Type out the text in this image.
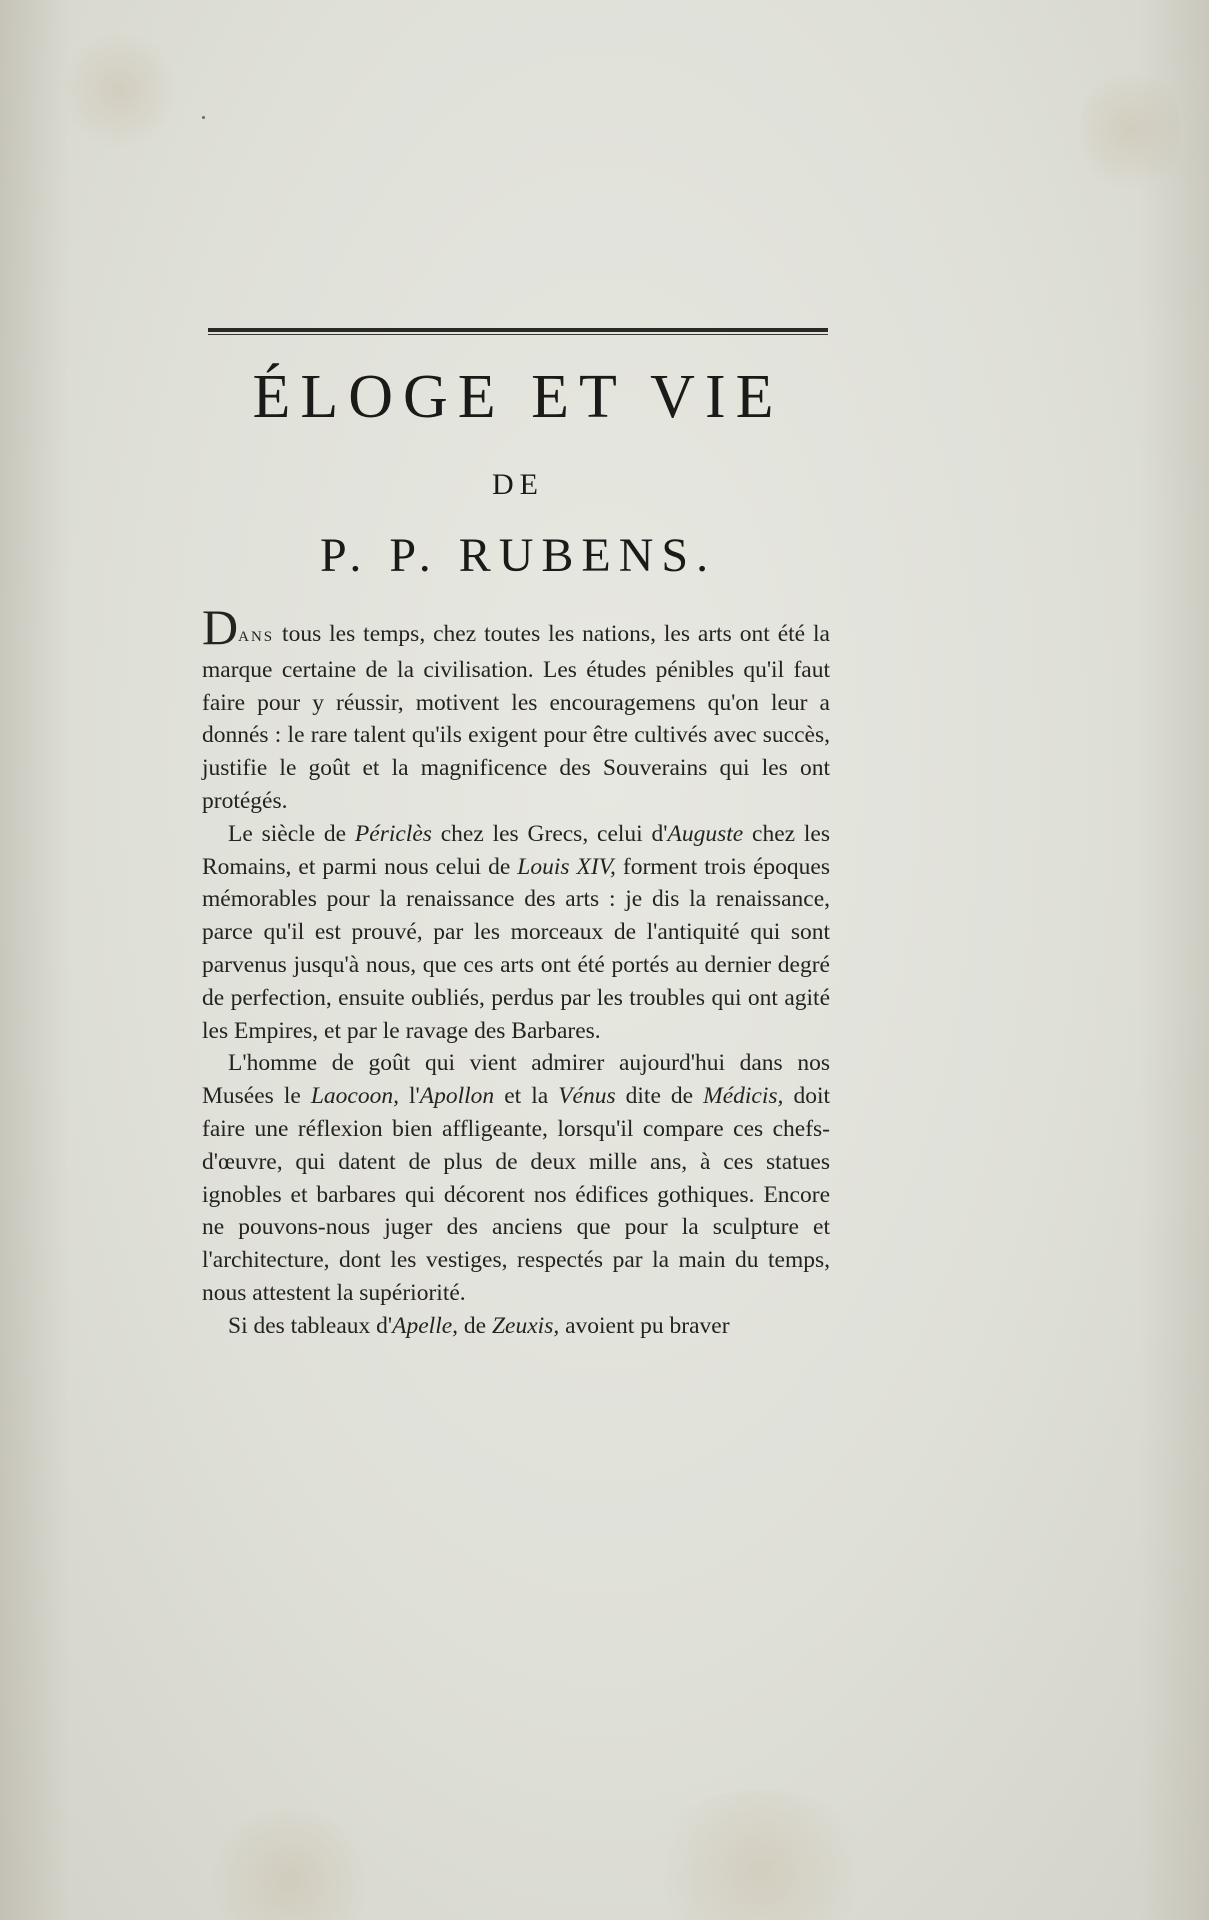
ÉLOGE ET VIE
DE
P. P. RUBENS.

DANS tous les temps, chez toutes les nations, les arts ont été la marque certaine de la civilisation. Les études pénibles qu'il faut faire pour y réussir, motivent les encouragemens qu'on leur a donnés : le rare talent qu'ils exigent pour être cultivés avec succès, justifie le goût et la magnificence des Souverains qui les ont protégés.

Le siècle de Périclès chez les Grecs, celui d'Auguste chez les Romains, et parmi nous celui de Louis XIV, forment trois époques mémorables pour la renaissance des arts : je dis la renaissance, parce qu'il est prouvé, par les morceaux de l'antiquité qui sont parvenus jusqu'à nous, que ces arts ont été portés au dernier degré de perfection, ensuite oubliés, perdus par les troubles qui ont agité les Empires, et par le ravage des Barbares.

L'homme de goût qui vient admirer aujourd'hui dans nos Musées le Laocoon, l'Apollon et la Vénus dite de Médicis, doit faire une réflexion bien affligeante, lorsqu'il compare ces chefs-d'œuvre, qui datent de plus de deux mille ans, à ces statues ignobles et barbares qui décorent nos édifices gothiques. Encore ne pouvons-nous juger des anciens que pour la sculpture et l'architecture, dont les vestiges, respectés par la main du temps, nous attestent la supériorité.

Si des tableaux d'Apelle, de Zeuxis, avoient pu braver
